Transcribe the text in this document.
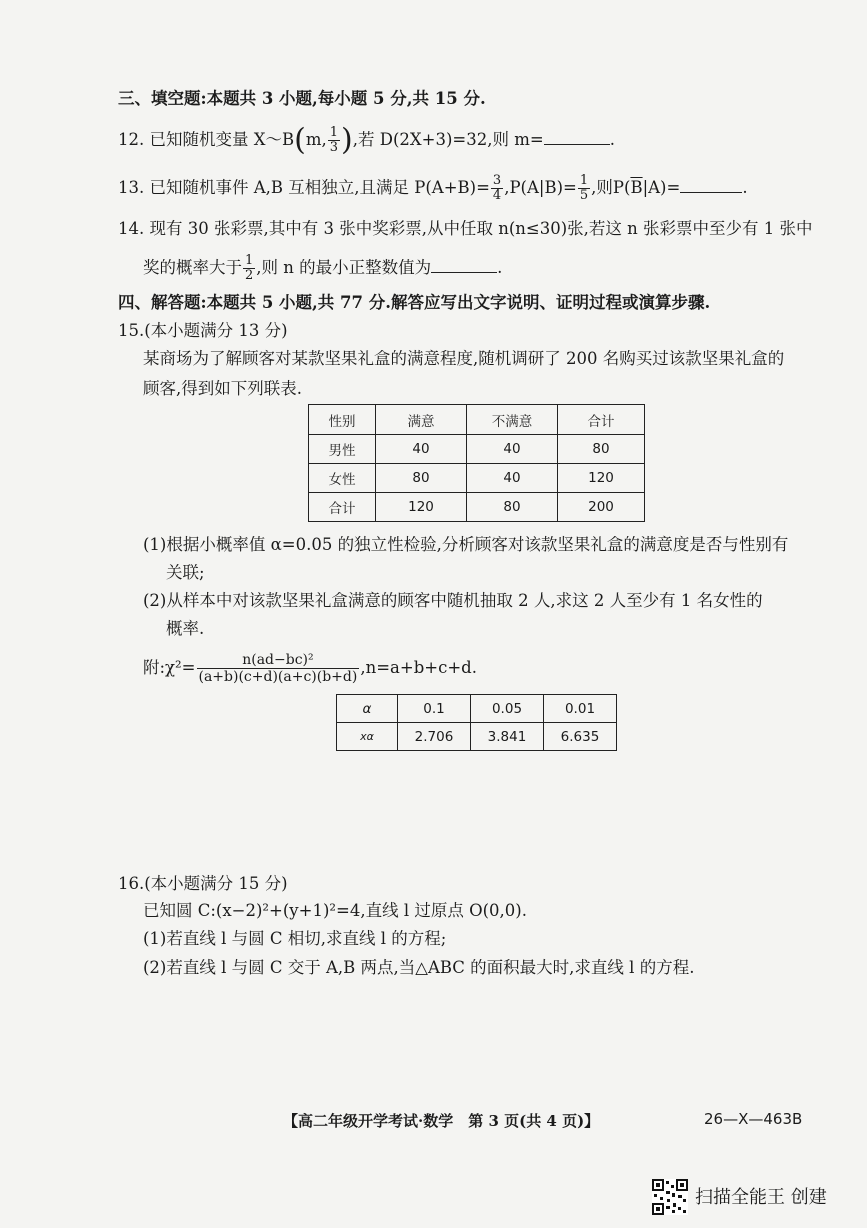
三、填空题:本题共 3 小题,每小题 5 分,共 15 分.
12. 已知随机变量 X～B(m, $\frac{1}{3}$ ),若 D(2X+3)=32,则 m=	.
13. 已知随机事件 A,B 互相独立,且满足 $P(A+B)= \frac{3}{4} ,P(A|B)= \frac{1}{5}$ ,则$P(\overline{B}|A)=$	.
14. 现有 30 张彩票,其中有 3 张中奖彩票,从中任取 n(n≤30)张,若这 n 张彩票中至少有 1 张中
奖的概率大于 $\frac{1}{2}$ ,则 n 的最小正整数值为	.
四、解答题:本题共 5 小题,共 77 分.解答应写出文字说明、证明过程或演算步骤.
15.(本小题满分 13 分)
某商场为了解顾客对某款坚果礼盒的满意程度,随机调研了 200 名购买过该款坚果礼盒的
顾客,得到如下列联表.
性别	满意	不满意	合计
男性	40	40	80
女性	80	40	120
合计	120	80	200
(1)根据小概率值 α=0.05 的独立性检验,分析顾客对该款坚果礼盒的满意度是否与性别有
关联;
(2)从样本中对该款坚果礼盒满意的顾客中随机抽取 2 人,求这 2 人至少有 1 名女性的
概率.
附:χ²= $\frac{\text{n(ad−bc)²}}{(a+b)(c+d)(a+c)(b+d)} ,n=a+b+c+d$.
α	0.1	0.05	0.01
xα	2.706	3.841	6.635
16.(本小题满分 15 分)
已知圆 C:(x−2)²+(y+1)²=4,直线 l 过原点 O(0,0).
(1)若直线 l 与圆 C 相切,求直线 l 的方程;
(2)若直线 l 与圆 C 交于 A,B 两点,当△ABC 的面积最大时,求直线 l 的方程.
【高二年级开学考试·数学　第 3 页(共 4 页)】	26—X—463B
扫描全能王 创建
